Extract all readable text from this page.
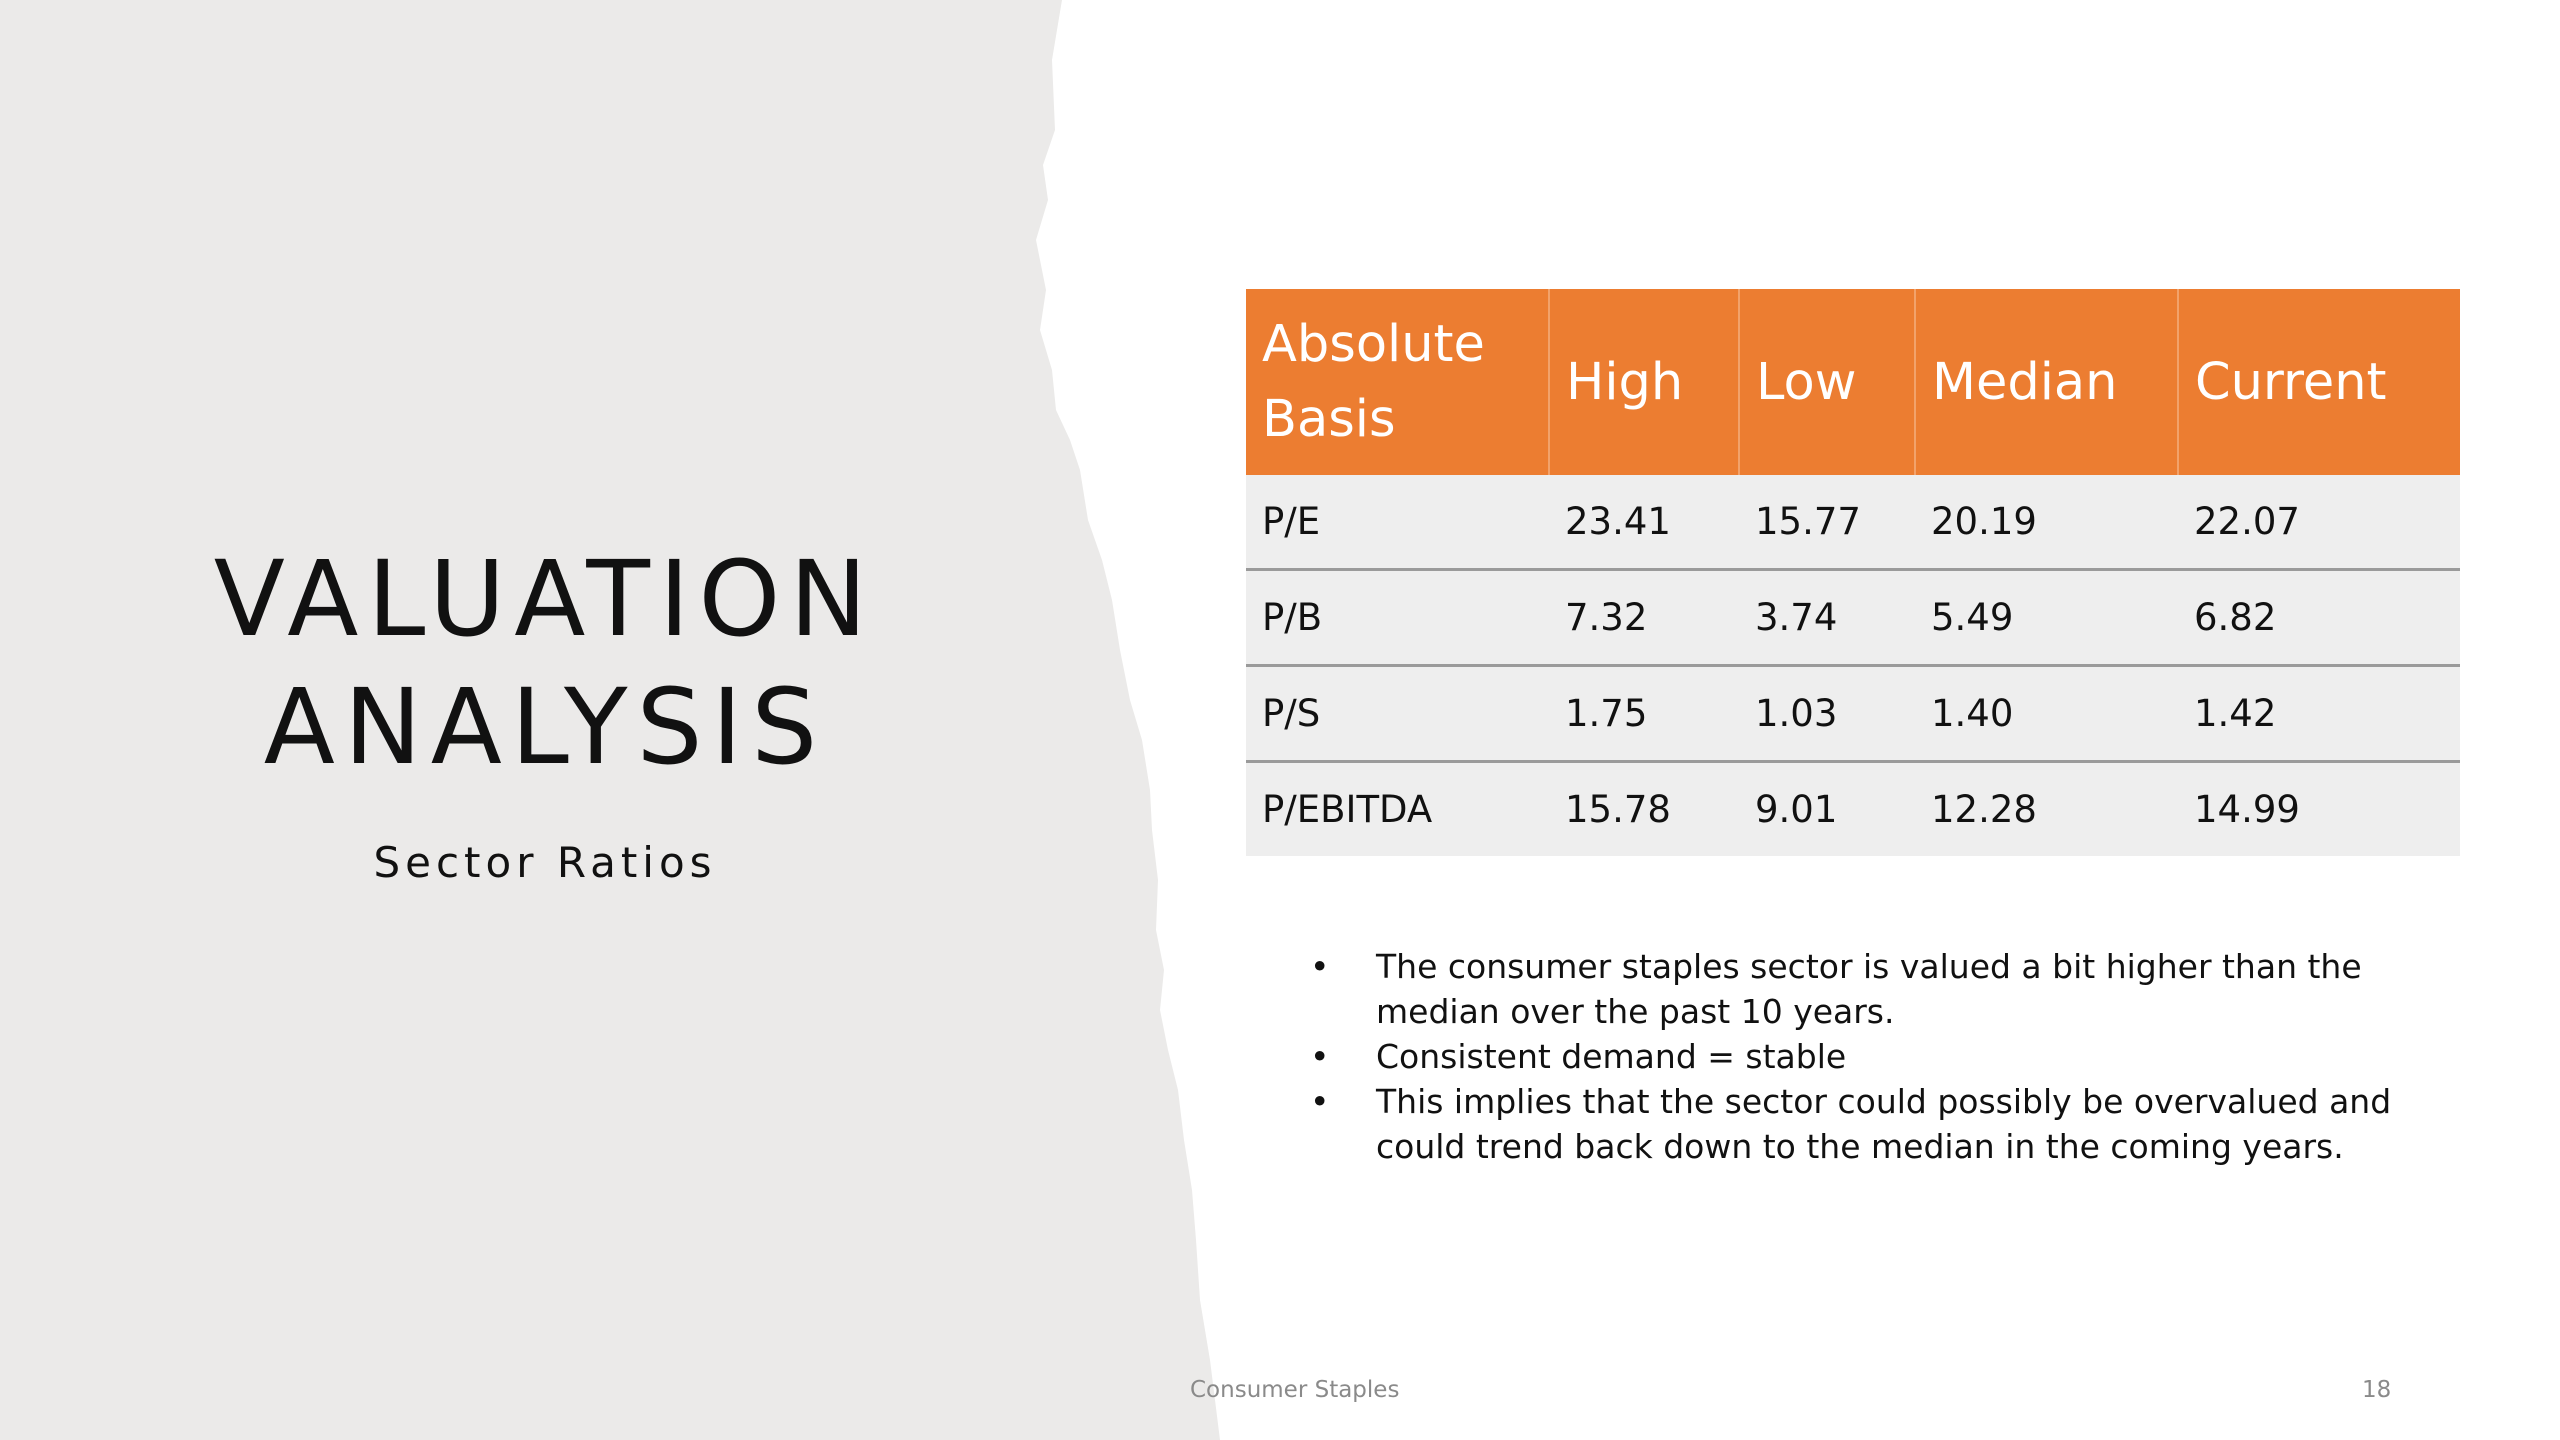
VALUATION
ANALYSIS
Sector Ratios
Absolute Basis	High	Low	Median	Current
P/E	23.41	15.77	20.19	22.07
P/B	7.32	3.74	5.49	6.82
P/S	1.75	1.03	1.40	1.42
P/EBITDA	15.78	9.01	12.28	14.99
• The consumer staples sector is valued a bit higher than the median over the past 10 years.
• Consistent demand = stable
• This implies that the sector could possibly be overvalued and could trend back down to the median in the coming years.
Consumer Staples	18
